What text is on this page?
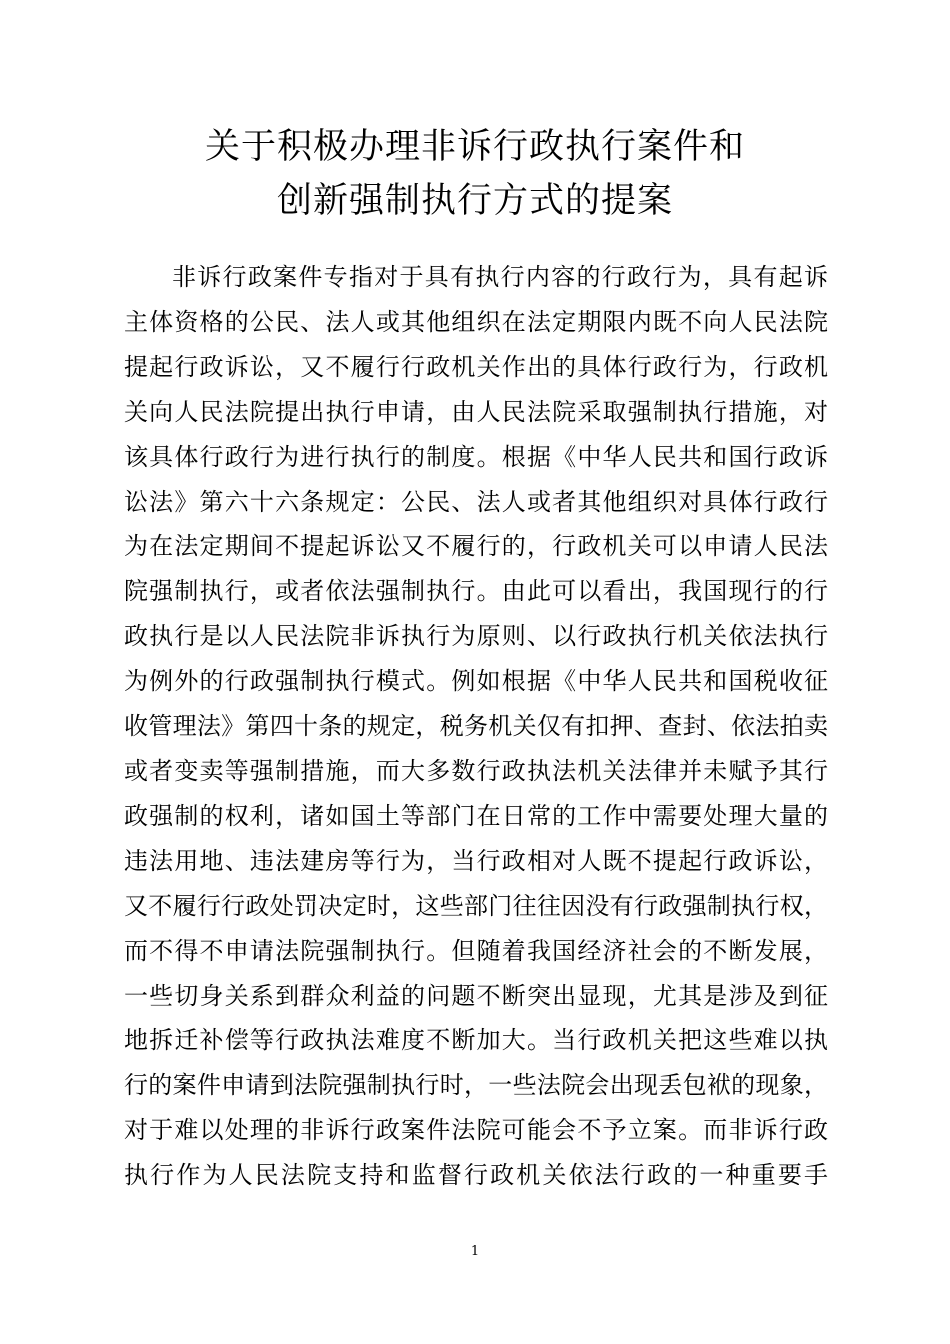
关于积极办理非诉行政执行案件和
创新强制执行方式的提案
非诉行政案件专指对于具有执行内容的行政行为，具有起诉
主体资格的公民、法人或其他组织在法定期限内既不向人民法院
提起行政诉讼，又不履行行政机关作出的具体行政行为，行政机
关向人民法院提出执行申请，由人民法院采取强制执行措施，对
该具体行政行为进行执行的制度。根据《中华人民共和国行政诉
讼法》第六十六条规定：公民、法人或者其他组织对具体行政行
为在法定期间不提起诉讼又不履行的，行政机关可以申请人民法
院强制执行，或者依法强制执行。由此可以看出，我国现行的行
政执行是以人民法院非诉执行为原则、以行政执行机关依法执行
为例外的行政强制执行模式。例如根据《中华人民共和国税收征
收管理法》第四十条的规定，税务机关仅有扣押、查封、依法拍卖
或者变卖等强制措施，而大多数行政执法机关法律并未赋予其行
政强制的权利，诸如国土等部门在日常的工作中需要处理大量的
违法用地、违法建房等行为，当行政相对人既不提起行政诉讼，
又不履行行政处罚决定时，这些部门往往因没有行政强制执行权，
而不得不申请法院强制执行。但随着我国经济社会的不断发展，
一些切身关系到群众利益的问题不断突出显现，尤其是涉及到征
地拆迁补偿等行政执法难度不断加大。当行政机关把这些难以执
行的案件申请到法院强制执行时，一些法院会出现丢包袱的现象，
对于难以处理的非诉行政案件法院可能会不予立案。而非诉行政
执行作为人民法院支持和监督行政机关依法行政的一种重要手
1
